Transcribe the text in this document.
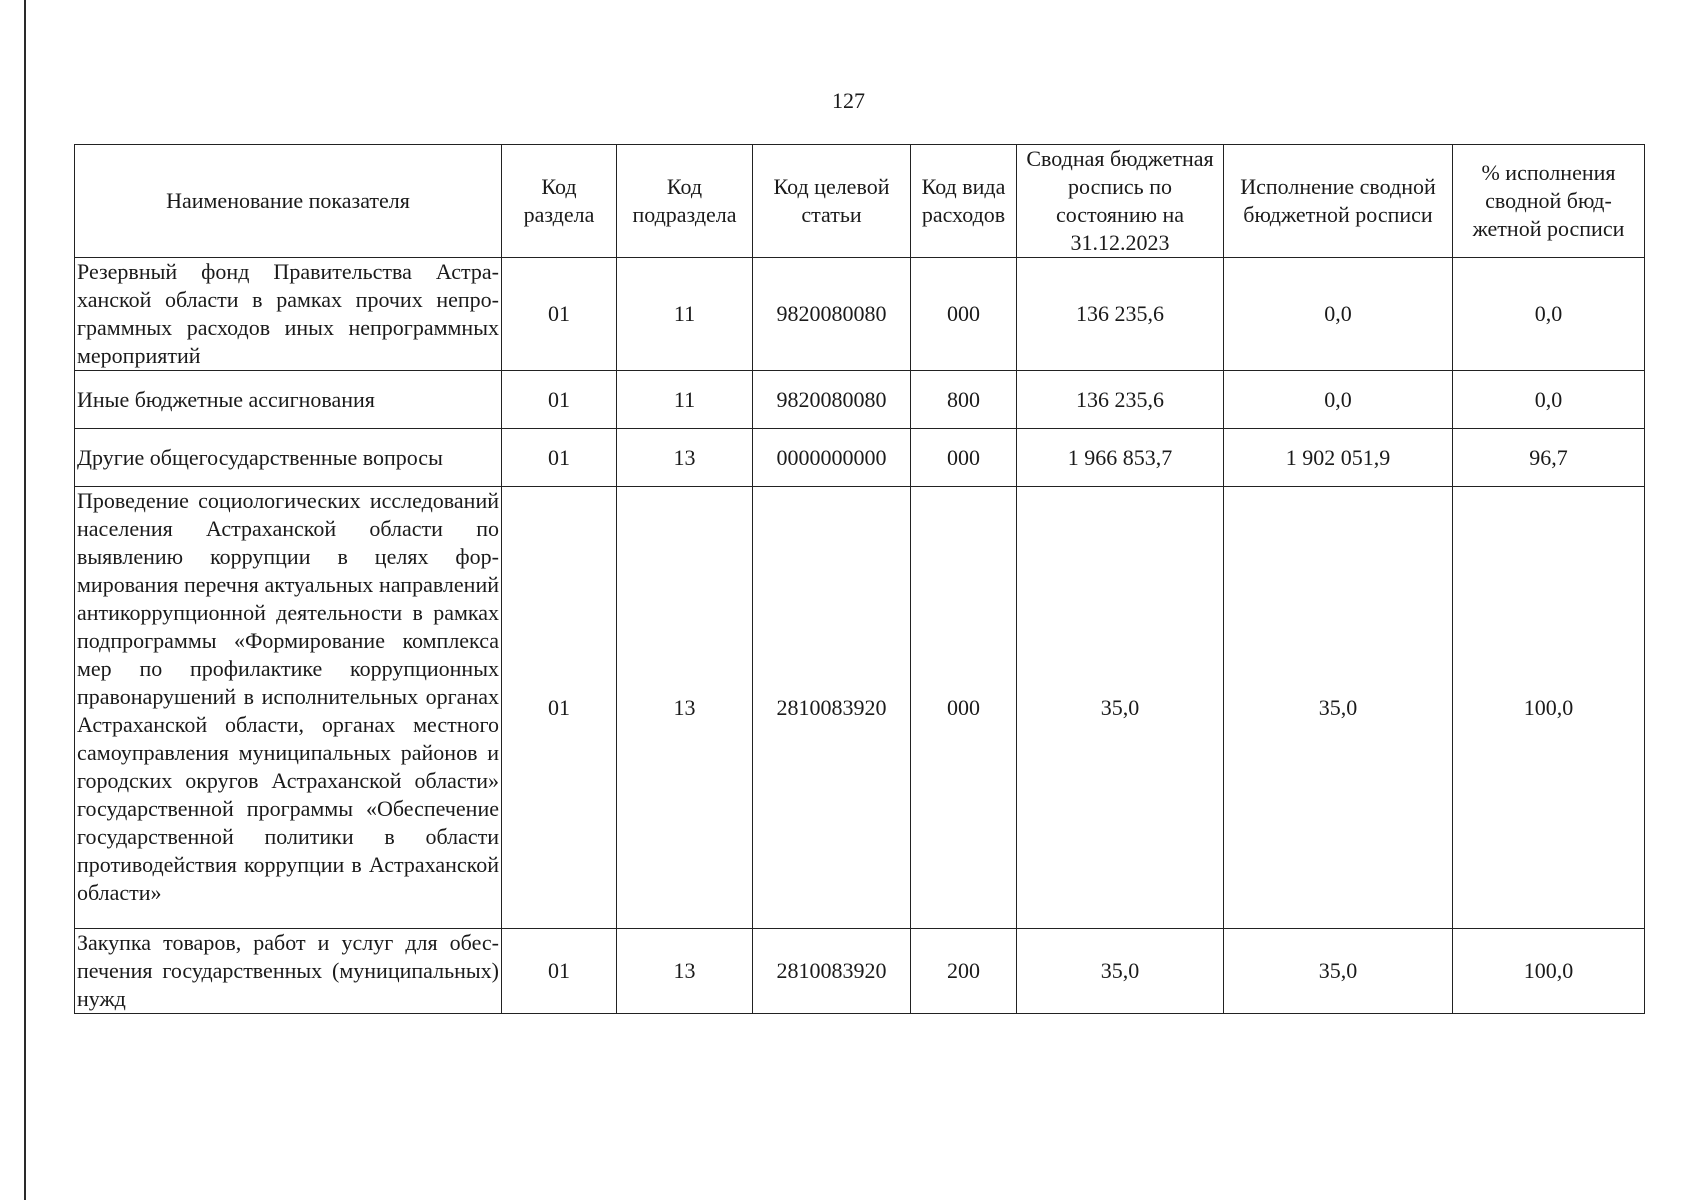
127
Наименование показателя	Код раздела	Код подраздела	Код целевой статьи	Код вида расходов	Сводная бюджетная роспись по состоянию на 31.12.2023	Исполнение сводной бюджетной росписи	% исполнения сводной бюд-жетной росписи
Резервный фонд Правительства Астраханской области в рамках прочих непрограммных расходов иных непрограммных мероприятий	01	11	9820080080	000	136 235,6	0,0	0,0
Иные бюджетные ассигнования	01	11	9820080080	800	136 235,6	0,0	0,0
Другие общегосударственные вопросы	01	13	0000000000	000	1 966 853,7	1 902 051,9	96,7
Проведение социологических исследований населения Астраханской области по выявлению коррупции в целях формирования перечня актуальных направлений антикоррупционной деятельности в рамках подпрограммы «Формирование комплекса мер по профилактике коррупционных правонарушений в исполнительных органах Астраханской области, органах местного самоуправления муниципальных районов и городских округов Астраханской области» государственной программы «Обеспечение государственной политики в области противодействия коррупции в Астраханской области»	01	13	2810083920	000	35,0	35,0	100,0
Закупка товаров, работ и услуг для обеспечения государственных (муниципальных) нужд	01	13	2810083920	200	35,0	35,0	100,0
